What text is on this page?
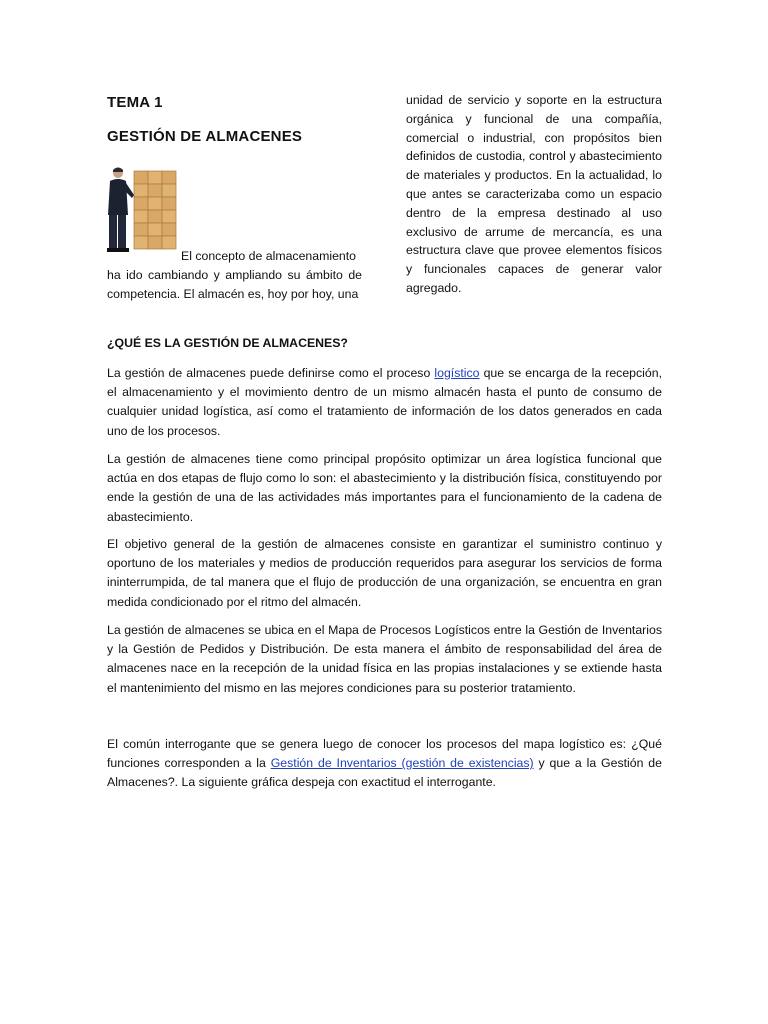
TEMA 1
GESTIÓN DE ALMACENES

El concepto de almacenamiento
ha ido cambiando y ampliando su ámbito de competencia. El almacén es, hoy por hoy, una

unidad de servicio y soporte en la estructura orgánica y funcional de una compañía, comercial o industrial, con propósitos bien definidos de custodia, control y abastecimiento de materiales y productos. En la actualidad, lo que antes se caracterizaba como un espacio dentro de la empresa destinado al uso exclusivo de arrume de mercancía, es una estructura clave que provee elementos físicos y funcionales capaces de generar valor agregado.

¿QUÉ ES LA GESTIÓN DE ALMACENES?

La gestión de almacenes puede definirse como el proceso logístico que se encarga de la recepción, el almacenamiento y el movimiento dentro de un mismo almacén hasta el punto de consumo de cualquier unidad logística, así como el tratamiento de información de los datos generados en cada uno de los procesos.

La gestión de almacenes tiene como principal propósito optimizar un área logística funcional que actúa en dos etapas de flujo como lo son: el abastecimiento y la distribución física, constituyendo por ende la gestión de una de las actividades más importantes para el funcionamiento de la cadena de abastecimiento.

El objetivo general de la gestión de almacenes consiste en garantizar el suministro continuo y oportuno de los materiales y medios de producción requeridos para asegurar los servicios de forma ininterrumpida, de tal manera que el flujo de producción de una organización, se encuentra en gran medida condicionado por el ritmo del almacén.

La gestión de almacenes se ubica en el Mapa de Procesos Logísticos entre la Gestión de Inventarios y la Gestión de Pedidos y Distribución. De esta manera el ámbito de responsabilidad del área de almacenes nace en la recepción de la unidad física en las propias instalaciones y se extiende hasta el mantenimiento del mismo en las mejores condiciones para su posterior tratamiento.

El común interrogante que se genera luego de conocer los procesos del mapa logístico es: ¿Qué funciones corresponden a la Gestión de Inventarios (gestión de existencias) y que a la Gestión de Almacenes?. La siguiente gráfica despeja con exactitud el interrogante.
